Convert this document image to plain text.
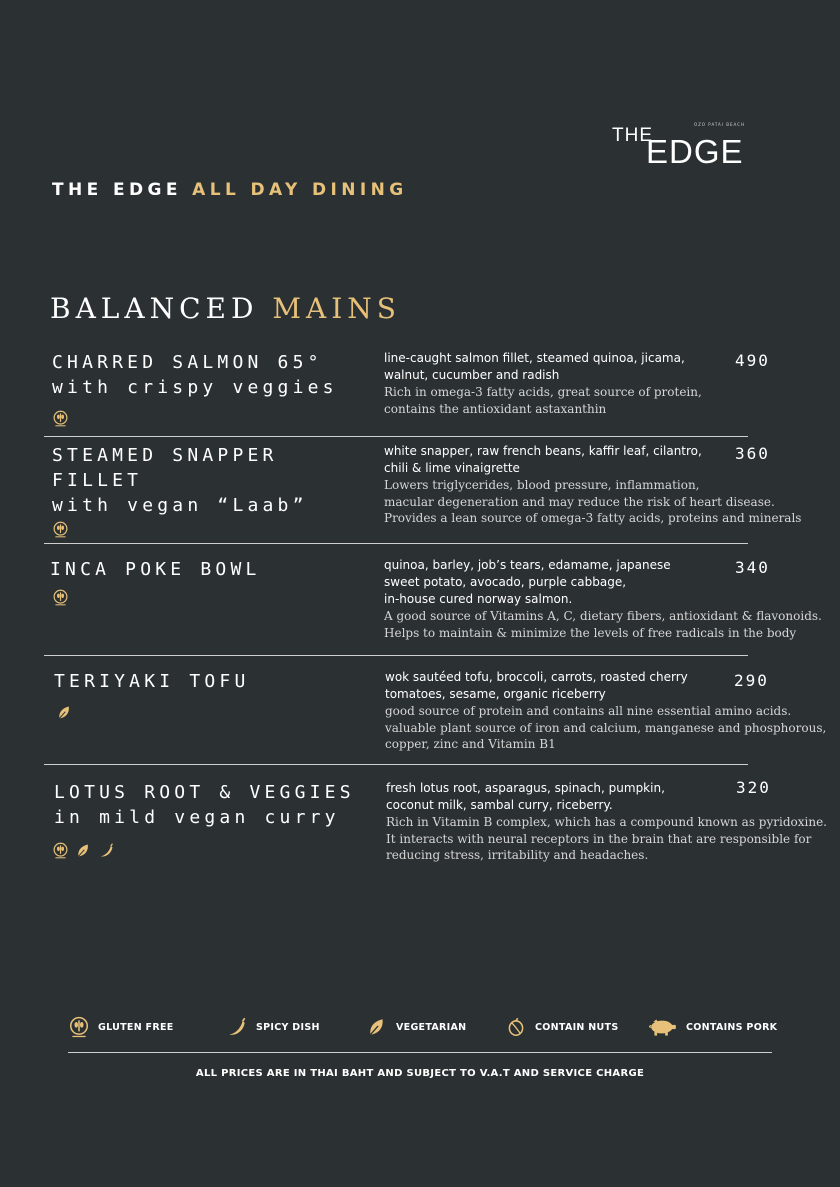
THE
OZO PATAI BEACH
EDGE
THE EDGE ALL DAY DINING
BALANCED MAINS
CHARRED SALMON 65°
with crispy veggies
line-caught salmon fillet, steamed quinoa, jicama,
walnut, cucumber and radish
Rich in omega-3 fatty acids, great source of protein,
contains the antioxidant astaxanthin
490
STEAMED SNAPPER
FILLET
with vegan “Laab”
white snapper, raw french beans, kaffir leaf, cilantro,
chili & lime vinaigrette
Lowers triglycerides, blood pressure, inflammation,
macular degeneration and may reduce the risk of heart disease.
Provides a lean source of omega-3 fatty acids, proteins and minerals
360
INCA POKE BOWL	quinoa, barley, job’s tears, edamame, japanese
sweet potato, avocado, purple cabbage,
in-house cured norway salmon.
A good source of Vitamins A, C, dietary fibers, antioxidant & flavonoids.
Helps to maintain & minimize the levels of free radicals in the body
340
TERIYAKI TOFU	wok sautéed tofu, broccoli, carrots, roasted cherry
tomatoes, sesame, organic riceberry
good source of protein and contains all nine essential amino acids.
valuable plant source of iron and calcium, manganese and phosphorous,
copper, zinc and Vitamin B1
290
LOTUS ROOT & VEGGIES
in mild vegan curry
fresh lotus root, asparagus, spinach, pumpkin,
coconut milk, sambal curry, riceberry.
Rich in Vitamin B complex, which has a compound known as pyridoxine.
It interacts with neural receptors in the brain that are responsible for
reducing stress, irritability and headaches.
320
GLUTEN FREE	SPICY DISH	VEGETARIAN	CONTAIN NUTS	CONTAINS PORK
ALL PRICES ARE IN THAI BAHT AND SUBJECT TO V.A.T AND SERVICE CHARGE
